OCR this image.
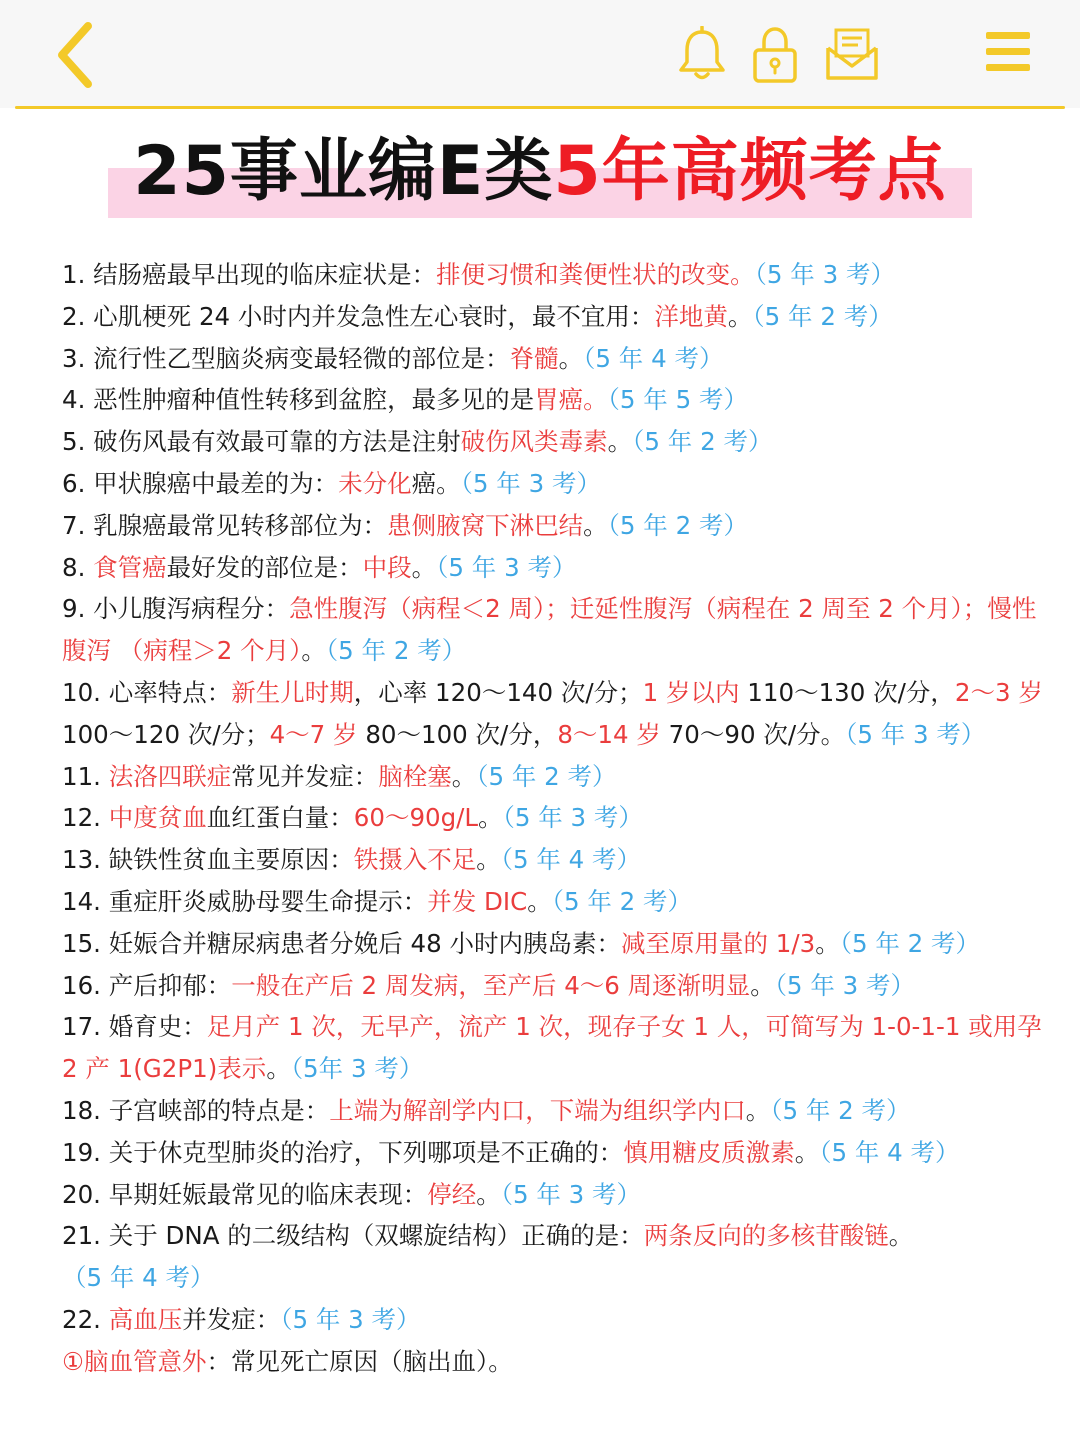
25事业编E类5年高频考点

1. 结肠癌最早出现的临床症状是：排便习惯和粪便性状的改变。（5 年 3 考）

2. 心肌梗死 24 小时内并发急性左心衰时，最不宜用：洋地黄。（5 年 2 考）

3. 流行性乙型脑炎病变最轻微的部位是：脊髓。（5 年 4 考）

4. 恶性肿瘤种值性转移到盆腔，最多见的是胃癌。（5 年 5 考）

5. 破伤风最有效最可靠的方法是注射破伤风类毒素。（5 年 2 考）

6. 甲状腺癌中最差的为：未分化癌。（5 年 3 考）

7. 乳腺癌最常见转移部位为：患侧腋窝下淋巴结。（5 年 2 考）

8. 食管癌最好发的部位是：中段。（5 年 3 考）

9. 小儿腹泻病程分：急性腹泻（病程＜2 周）；迁延性腹泻（病程在 2 周至 2 个月）；慢性腹泻 （病程＞2 个月）。（5 年 2 考）

10. 心率特点：新生儿时期，心率 120～140 次/分；1 岁以内 110～130 次/分，2～3 岁 100～120 次/分；4～7 岁 80～100 次/分，8～14 岁 70～90 次/分。（5 年 3 考）

11. 法洛四联症常见并发症：脑栓塞。（5 年 2 考）

12. 中度贫血血红蛋白量：60～90g/L。（5 年 3 考）

13. 缺铁性贫血主要原因：铁摄入不足。（5 年 4 考）

14. 重症肝炎威胁母婴生命提示：并发 DIC。（5 年 2 考）

15. 妊娠合并糖尿病患者分娩后 48 小时内胰岛素：减至原用量的 1/3。（5 年 2 考）

16. 产后抑郁：一般在产后 2 周发病，至产后 4～6 周逐渐明显。（5 年 3 考）

17. 婚育史：足月产 1 次，无早产，流产 1 次，现存子女 1 人，可简写为 1-0-1-1 或用孕 2 产 1(G2P1)表示。（5年 3 考）

18. 子宫峡部的特点是：上端为解剖学内口，下端为组织学内口。（5 年 2 考）

19. 关于休克型肺炎的治疗，下列哪项是不正确的：慎用糖皮质激素。（5 年 4 考）

20. 早期妊娠最常见的临床表现：停经。（5 年 3 考）

21. 关于 DNA 的二级结构（双螺旋结构）正确的是：两条反向的多核苷酸链。（5 年 4 考）

22. 高血压并发症：（5 年 3 考）

①脑血管意外：常见死亡原因（脑出血）。
